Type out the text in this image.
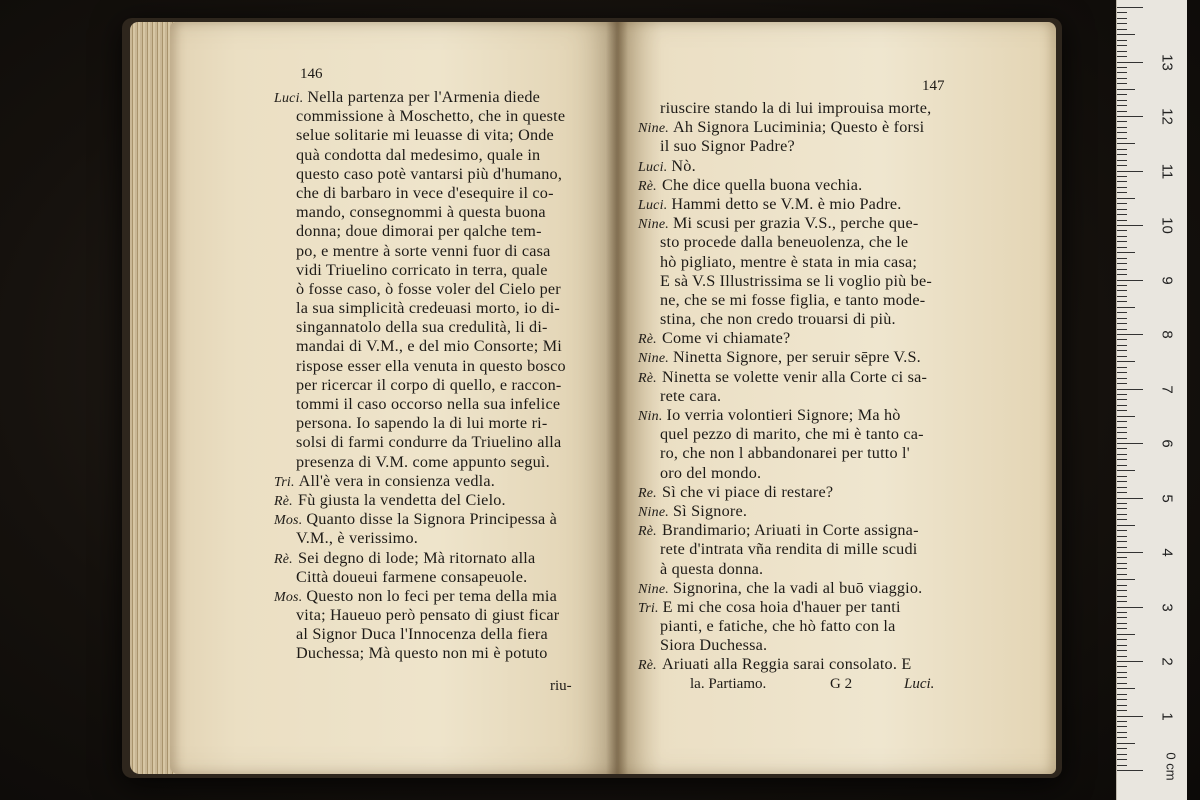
146
Luci. Nella partenza per l'Armenia diede
commissione à Moschetto, che in queste
selue solitarie mi leuasse di vita; Onde
quà condotta dal medesimo, quale in
questo caso potè vantarsi più d'humano,
che di barbaro in vece d'esequire il co-
mando, consegnommi à questa buona
donna; doue dimorai per qalche tem-
po, e mentre à sorte venni fuor di casa
vidi Triuelino corricato in terra, quale
ò fosse caso, ò fosse voler del Cielo per
la sua simplicità credeuasi morto, io di-
singannatolo della sua credulità, li di-
mandai di V.M., e del mio Consorte; Mi
rispose esser ella venuta in questo bosco
per ricercar il corpo di quello, e raccon-
tommi il caso occorso nella sua infelice
persona. Io sapendo la di lui morte ri-
solsi di farmi condurre da Triuelino alla
presenza di V.M. come appunto seguì.
Tri. All'è vera in consienza vedla.
Rè. Fù giusta la vendetta del Cielo.
Mos. Quanto disse la Signora Principessa à
V.M., è verissimo.
Rè. Sei degno di lode; Mà ritornato alla
Città doueui farmene consapeuole.
Mos. Questo non lo feci per tema della mia
vita; Haueuo però pensato di giust ficar
al Signor Duca l'Innocenza della fiera
Duchessa; Mà questo non mi è potuto
riu-
147
riuscire stando la di lui improuisa morte,
Nine. Ah Signora Luciminia; Questo è forsi
il suo Signor Padre?
Luci. Nò.
Rè. Che dice quella buona vechia.
Luci. Hammi detto se V.M. è mio Padre.
Nine. Mi scusi per grazia V.S., perche que-
sto procede dalla beneuolenza, che le
hò pigliato, mentre è stata in mia casa;
E sà V.S Illustrissima se li voglio più be-
ne, che se mi fosse figlia, e tanto mode-
stina, che non credo trouarsi di più.
Rè. Come vi chiamate?
Nine. Ninetta Signore, per seruir sēpre V.S.
Rè. Ninetta se volette venir alla Corte ci sa-
rete cara.
Nin. Io verria volontieri Signore; Ma hò
quel pezzo di marito, che mi è tanto ca-
ro, che non l abbandonarei per tutto l'
oro del mondo.
Re. Sì che vi piace di restare?
Nine. Sì Signore.
Rè. Brandimario; Ariuati in Corte assigna-
rete d'intrata vña rendita di mille scudi
à questa donna.
Nine. Signorina, che la vadi al buō viaggio.
Tri. E mi che cosa hoia d'hauer per tanti
pianti, e fatiche, che hò fatto con la
Siora Duchessa.
Rè. Ariuati alla Reggia sarai consolato. E
la. Partiamo.	G 2	Luci.
0 cm
1
2
3
4
5
6
7
8
9
10
11
12
13
